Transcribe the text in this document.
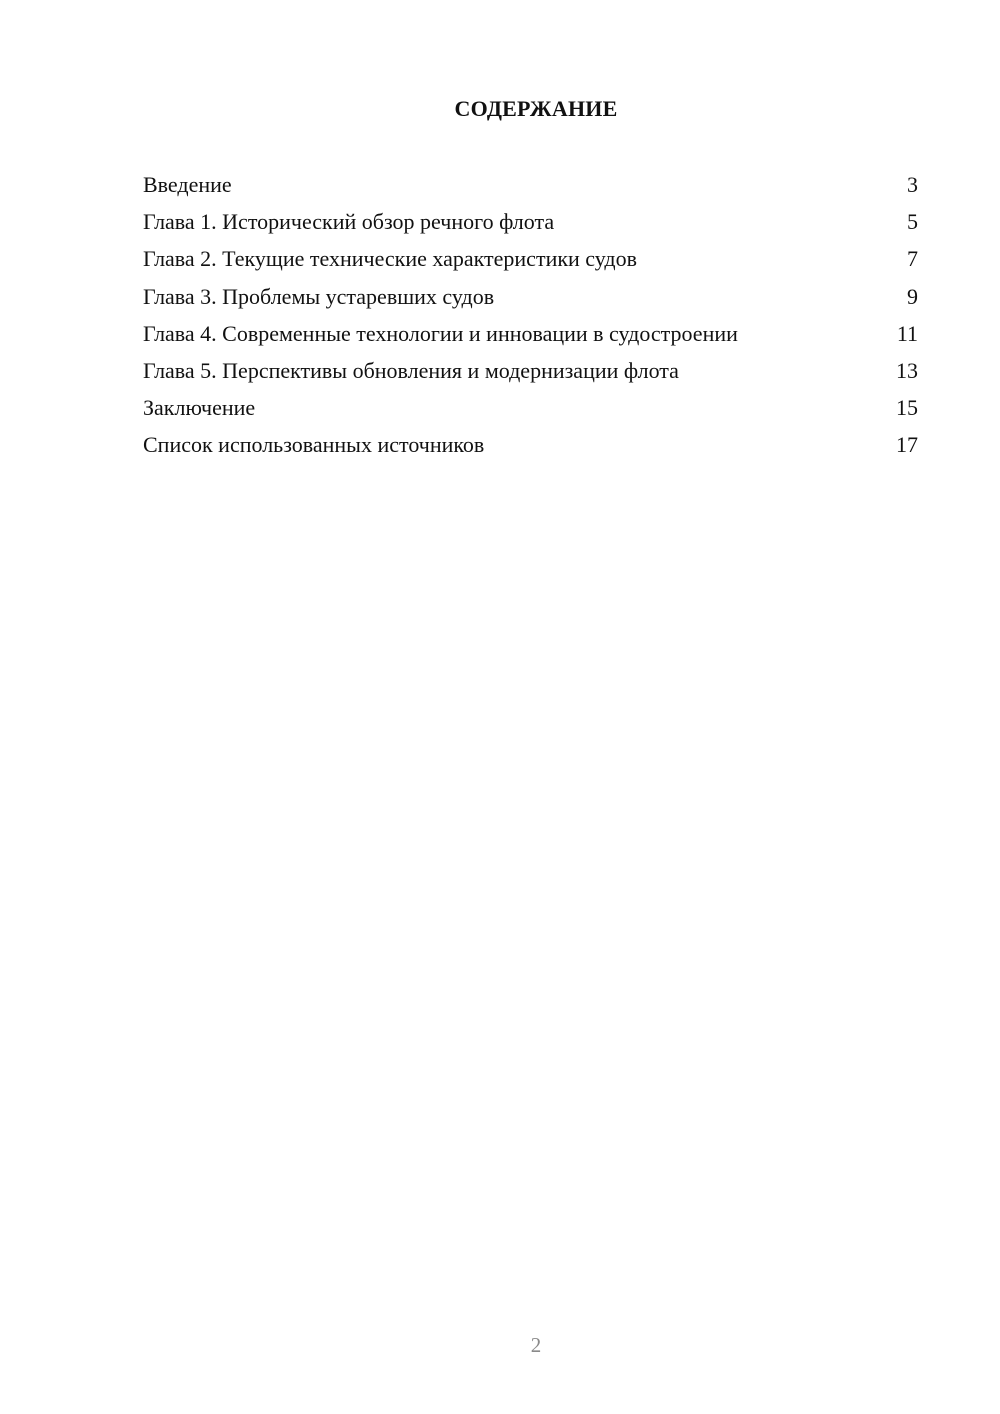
СОДЕРЖАНИЕ
Введение	3
Глава 1. Исторический обзор речного флота	5
Глава 2. Текущие технические характеристики судов	7
Глава 3. Проблемы устаревших судов	9
Глава 4. Современные технологии и инновации в судостроении	11
Глава 5. Перспективы обновления и модернизации флота	13
Заключение	15
Список использованных источников	17
2
